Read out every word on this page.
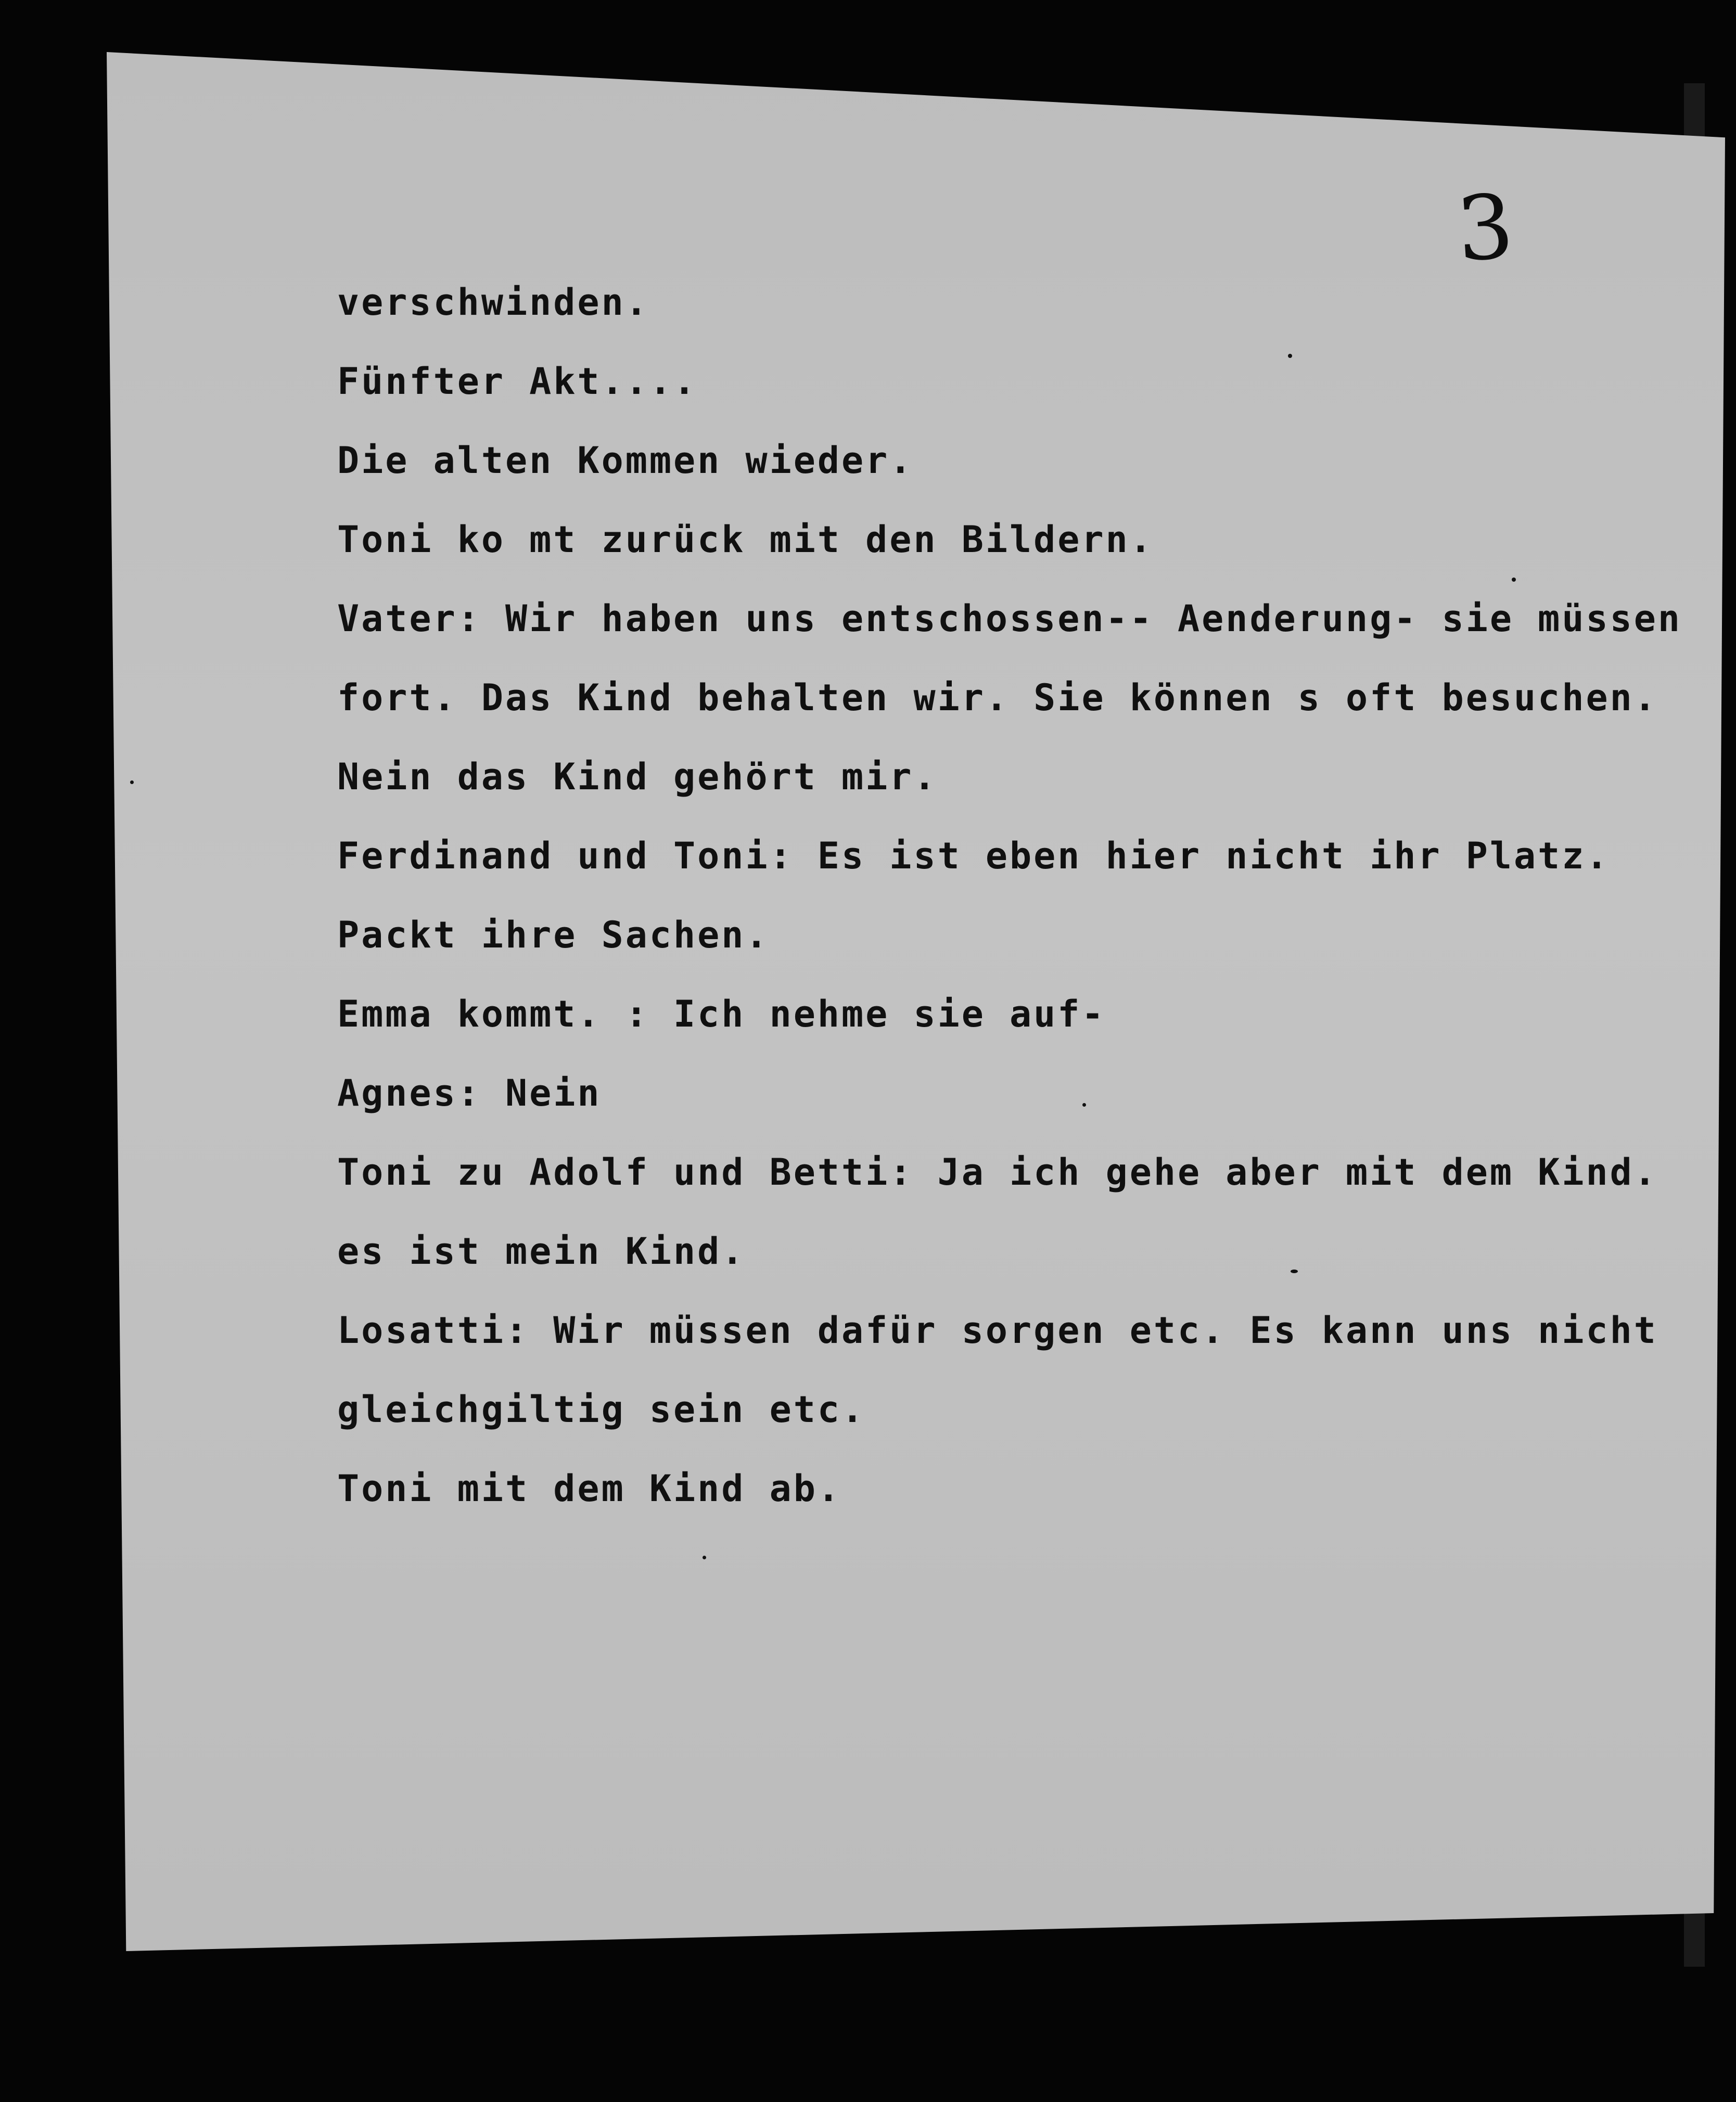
3
verschwinden.
Fünfter Akt....
Die alten Kommen wieder.
Toni ko mt zurück mit den Bildern.
Vater: Wir haben uns entschossen-- Aenderung- sie müssen
fort. Das Kind behalten wir. Sie können s oft besuchen.
Nein das Kind gehört mir.
Ferdinand und Toni: Es ist eben hier nicht ihr Platz.
Packt ihre Sachen.
Emma kommt. : Ich nehme sie auf-
Agnes: Nein
Toni zu Adolf und Betti: Ja ich gehe aber mit dem Kind.
es ist mein Kind.
Losatti: Wir müssen dafür sorgen etc. Es kann uns nicht
gleichgiltig sein etc.
Toni mit dem Kind ab.
